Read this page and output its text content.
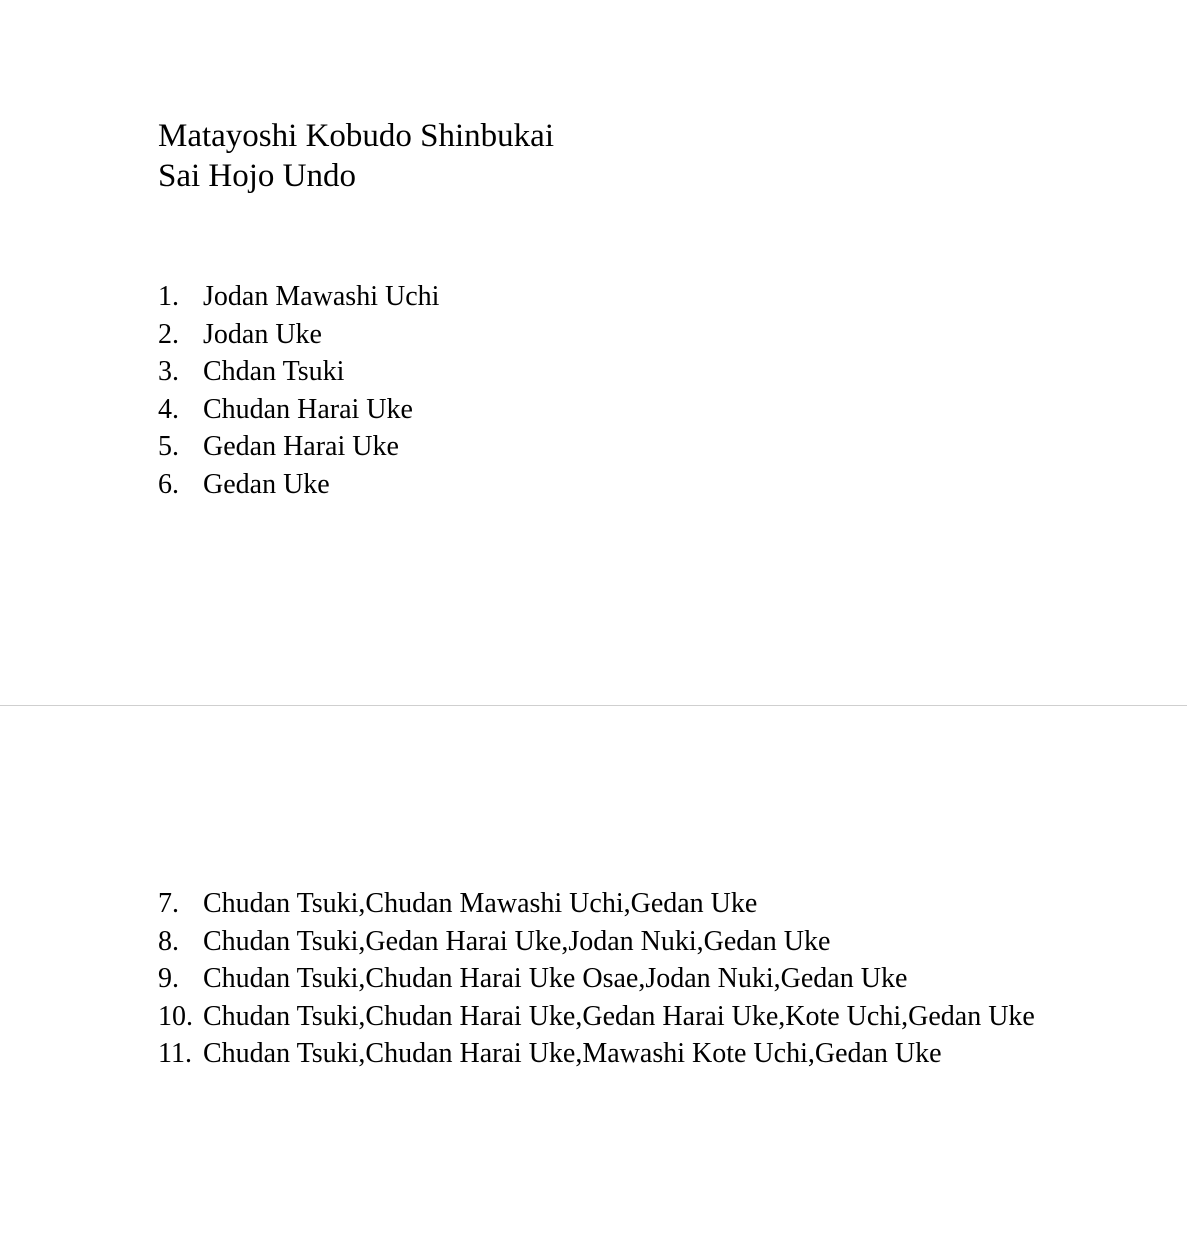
Matayoshi Kobudo Shinbukai
Sai Hojo Undo
1. Jodan Mawashi Uchi
2. Jodan Uke
3. Chdan Tsuki
4. Chudan Harai Uke
5. Gedan Harai Uke
6. Gedan Uke
7. Chudan Tsuki,Chudan Mawashi Uchi,Gedan Uke
8. Chudan Tsuki,Gedan Harai Uke,Jodan Nuki,Gedan Uke
9. Chudan Tsuki,Chudan Harai Uke Osae,Jodan Nuki,Gedan Uke
10. Chudan Tsuki,Chudan Harai Uke,Gedan Harai Uke,Kote Uchi,Gedan Uke
11. Chudan Tsuki,Chudan Harai Uke,Mawashi Kote Uchi,Gedan Uke
